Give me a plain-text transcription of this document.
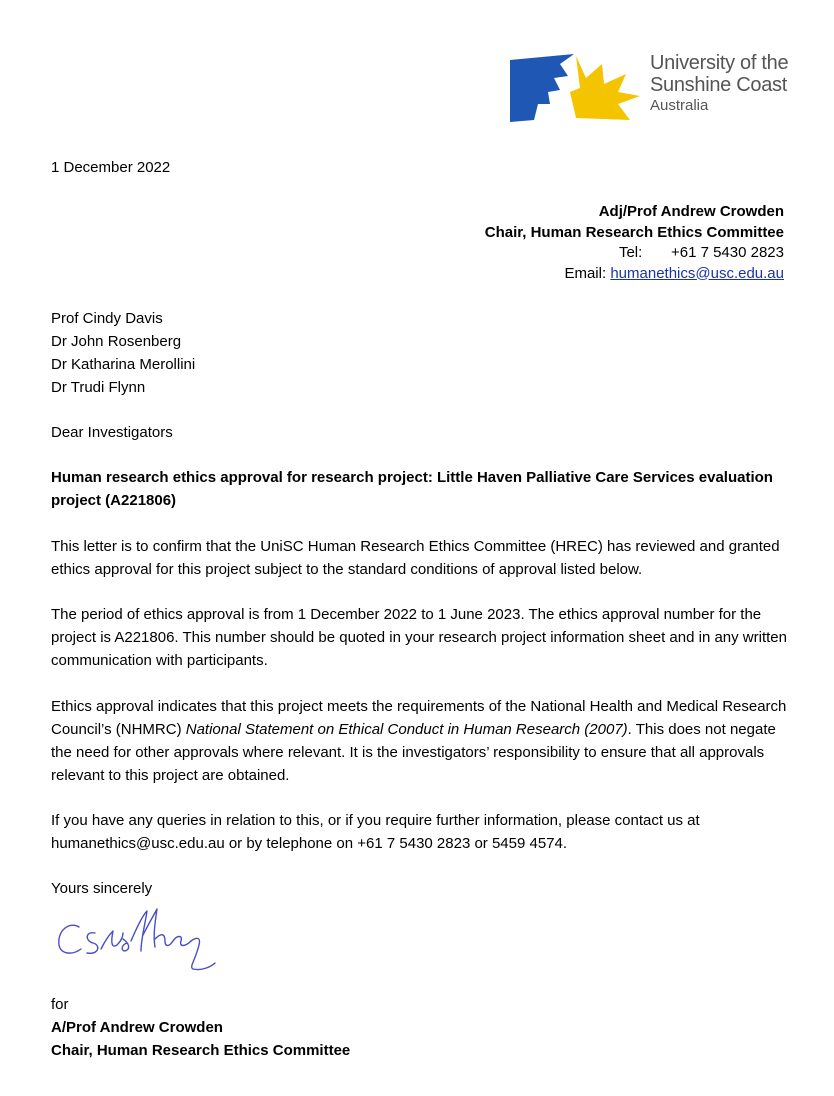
University of the
Sunshine Coast
Australia
1 December 2022
Adj/Prof Andrew Crowden
Chair, Human Research Ethics Committee
Tel: +61 7 5430 2823
Email: humanethics@usc.edu.au
Prof Cindy Davis
Dr John Rosenberg
Dr Katharina Merollini
Dr Trudi Flynn
Dear Investigators
Human research ethics approval for research project: Little Haven Palliative Care Services evaluation project (A221806)
This letter is to confirm that the UniSC Human Research Ethics Committee (HREC) has reviewed and granted ethics approval for this project subject to the standard conditions of approval listed below.
The period of ethics approval is from 1 December 2022 to 1 June 2023. The ethics approval number for the project is A221806. This number should be quoted in your research project information sheet and in any written communication with participants.
Ethics approval indicates that this project meets the requirements of the National Health and Medical Research Council’s (NHMRC) National Statement on Ethical Conduct in Human Research (2007). This does not negate the need for other approvals where relevant. It is the investigators’ responsibility to ensure that all approvals relevant to this project are obtained.
If you have any queries in relation to this, or if you require further information, please contact us at humanethics@usc.edu.au or by telephone on +61 7 5430 2823 or 5459 4574.
Yours sincerely
for
A/Prof Andrew Crowden
Chair, Human Research Ethics Committee
